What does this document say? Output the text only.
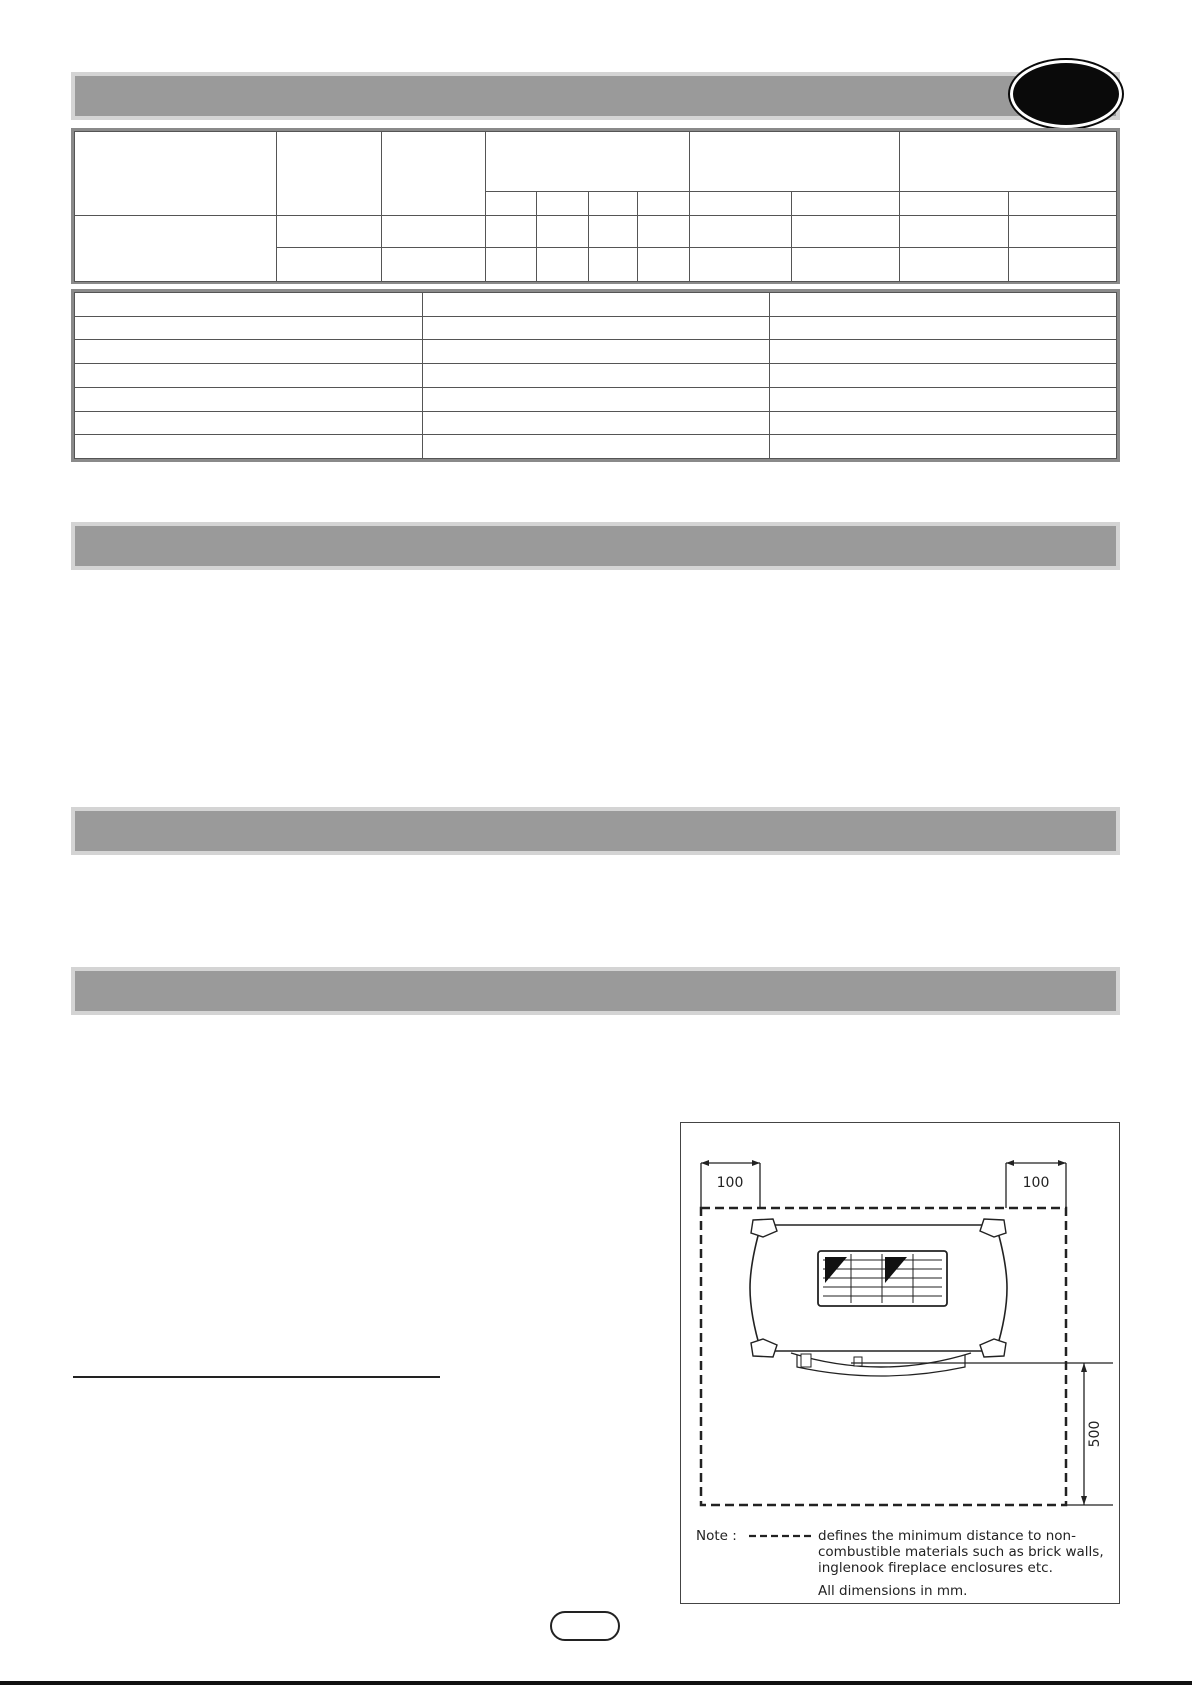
100	100
500
Note :	defines the minimum distance to non-
combustible materials such as brick walls,
inglenook fireplace enclosures etc.
All dimensions in mm.
